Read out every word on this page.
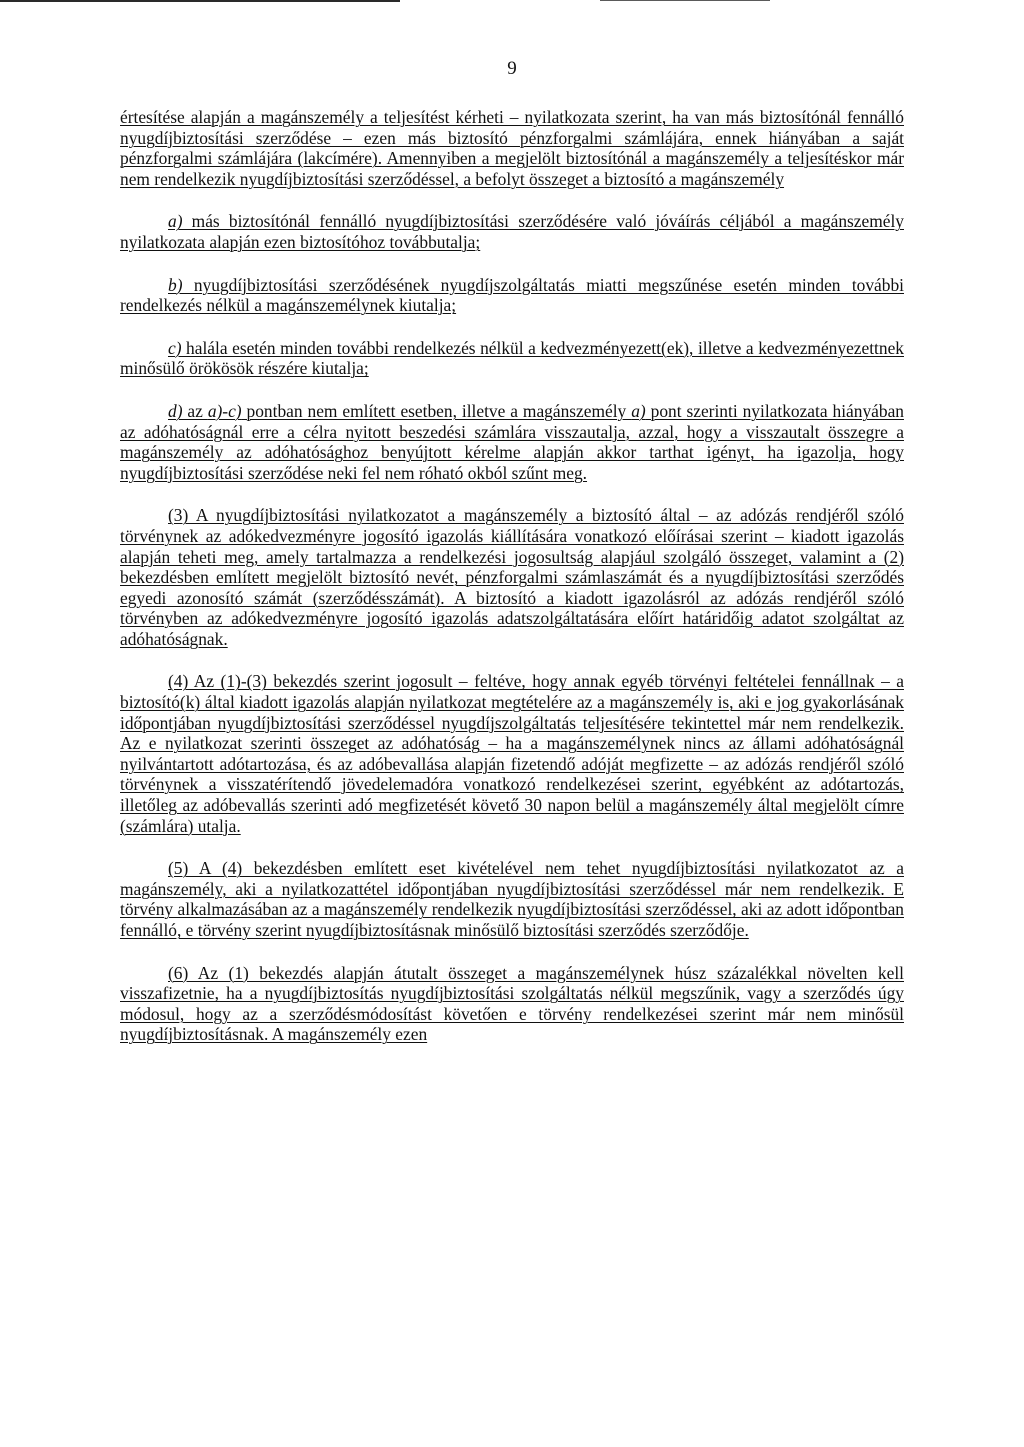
9

értesítése alapján a magánszemély a teljesítést kérheti – nyilatkozata szerint, ha van más biztosítónál fennálló nyugdíjbiztosítási szerződése – ezen más biztosító pénzforgalmi számlájára, ennek hiányában a saját pénzforgalmi számlájára (lakcímére). Amennyiben a megjelölt biztosítónál a magánszemély a teljesítéskor már nem rendelkezik nyugdíjbiztosítási szerződéssel, a befolyt összeget a biztosító a magánszemély

a) más biztosítónál fennálló nyugdíjbiztosítási szerződésére való jóváírás céljából a magánszemély nyilatkozata alapján ezen biztosítóhoz továbbutalja;

b) nyugdíjbiztosítási szerződésének nyugdíjszolgáltatás miatti megszűnése esetén minden további rendelkezés nélkül a magánszemélynek kiutalja;

c) halála esetén minden további rendelkezés nélkül a kedvezményezett(ek), illetve a kedvezményezettnek minősülő örökösök részére kiutalja;

d) az a)-c) pontban nem említett esetben, illetve a magánszemély a) pont szerinti nyilatkozata hiányában az adóhatóságnál erre a célra nyitott beszedési számlára visszautalja, azzal, hogy a visszautalt összegre a magánszemély az adóhatósághoz benyújtott kérelme alapján akkor tarthat igényt, ha igazolja, hogy nyugdíjbiztosítási szerződése neki fel nem róható okból szűnt meg.

(3) A nyugdíjbiztosítási nyilatkozatot a magánszemély a biztosító által – az adózás rendjéről szóló törvénynek az adókedvezményre jogosító igazolás kiállítására vonatkozó előírásai szerint – kiadott igazolás alapján teheti meg, amely tartalmazza a rendelkezési jogosultság alapjául szolgáló összeget, valamint a (2) bekezdésben említett megjelölt biztosító nevét, pénzforgalmi számlaszámát és a nyugdíjbiztosítási szerződés egyedi azonosító számát (szerződésszámát). A biztosító a kiadott igazolásról az adózás rendjéről szóló törvényben az adókedvezményre jogosító igazolás adatszolgáltatására előírt határidőig adatot szolgáltat az adóhatóságnak.

(4) Az (1)-(3) bekezdés szerint jogosult – feltéve, hogy annak egyéb törvényi feltételei fennállnak – a biztosító(k) által kiadott igazolás alapján nyilatkozat megtételére az a magánszemély is, aki e jog gyakorlásának időpontjában nyugdíjbiztosítási szerződéssel nyugdíjszolgáltatás teljesítésére tekintettel már nem rendelkezik. Az e nyilatkozat szerinti összeget az adóhatóság – ha a magánszemélynek nincs az állami adóhatóságnál nyilvántartott adótartozása, és az adóbevallása alapján fizetendő adóját megfizette – az adózás rendjéről szóló törvénynek a visszatérítendő jövedelemadóra vonatkozó rendelkezései szerint, egyébként az adótartozás, illetőleg az adóbevallás szerinti adó megfizetését követő 30 napon belül a magánszemély által megjelölt címre (számlára) utalja.

(5) A (4) bekezdésben említett eset kivételével nem tehet nyugdíjbiztosítási nyilatkozatot az a magánszemély, aki a nyilatkozattétel időpontjában nyugdíjbiztosítási szerződéssel már nem rendelkezik. E törvény alkalmazásában az a magánszemély rendelkezik nyugdíjbiztosítási szerződéssel, aki az adott időpontban fennálló, e törvény szerint nyugdíjbiztosításnak minősülő biztosítási szerződés szerződője.

(6) Az (1) bekezdés alapján átutalt összeget a magánszemélynek húsz százalékkal növelten kell visszafizetnie, ha a nyugdíjbiztosítás nyugdíjbiztosítási szolgáltatás nélkül megszűnik, vagy a szerződés úgy módosul, hogy az a szerződésmódosítást követően e törvény rendelkezései szerint már nem minősül nyugdíjbiztosításnak. A magánszemély ezen
